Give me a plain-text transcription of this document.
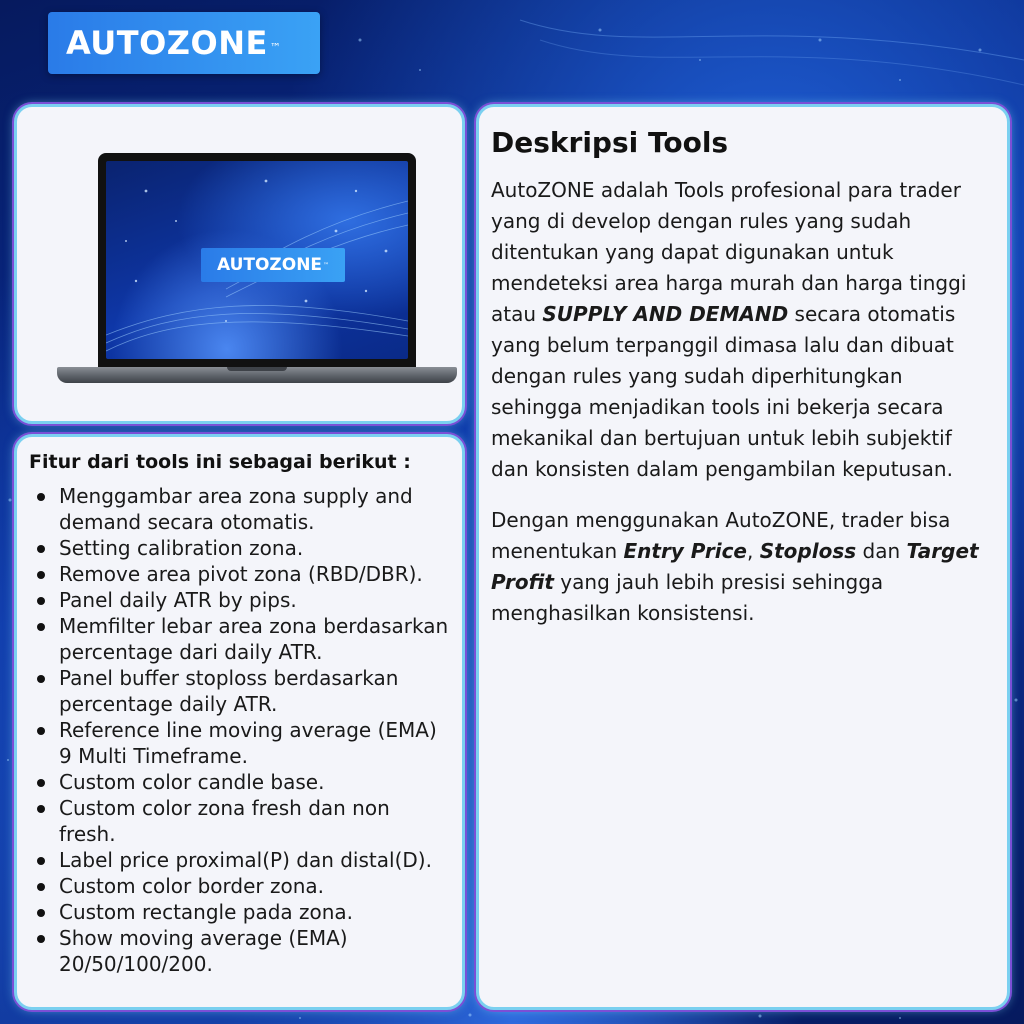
AUTOZONE ™
AUTOZONE ™
Fitur dari tools ini sebagai berikut :
Menggambar area zona supply and demand secara otomatis.
Setting calibration zona.
Remove area pivot zona (RBD/DBR).
Panel daily ATR by pips.
Memfilter lebar area zona berdasarkan percentage dari daily ATR.
Panel buffer stoploss berdasarkan percentage daily ATR.
Reference line moving average (EMA) 9 Multi Timeframe.
Custom color candle base.
Custom color zona fresh dan non fresh.
Label price proximal(P) dan distal(D).
Custom color border zona.
Custom rectangle pada zona.
Show moving average (EMA) 20/50/100/200.
Deskripsi Tools

AutoZONE adalah Tools profesional para trader yang di develop dengan rules yang sudah ditentukan yang dapat digunakan untuk mendeteksi area harga murah dan harga tinggi atau SUPPLY AND DEMAND secara otomatis yang belum terpanggil dimasa lalu dan dibuat dengan rules yang sudah diperhitungkan sehingga menjadikan tools ini bekerja secara mekanikal dan bertujuan untuk lebih subjektif dan konsisten dalam pengambilan keputusan.

Dengan menggunakan AutoZONE, trader bisa menentukan Entry Price, Stoploss dan Target Profit yang jauh lebih presisi sehingga menghasilkan konsistensi.
